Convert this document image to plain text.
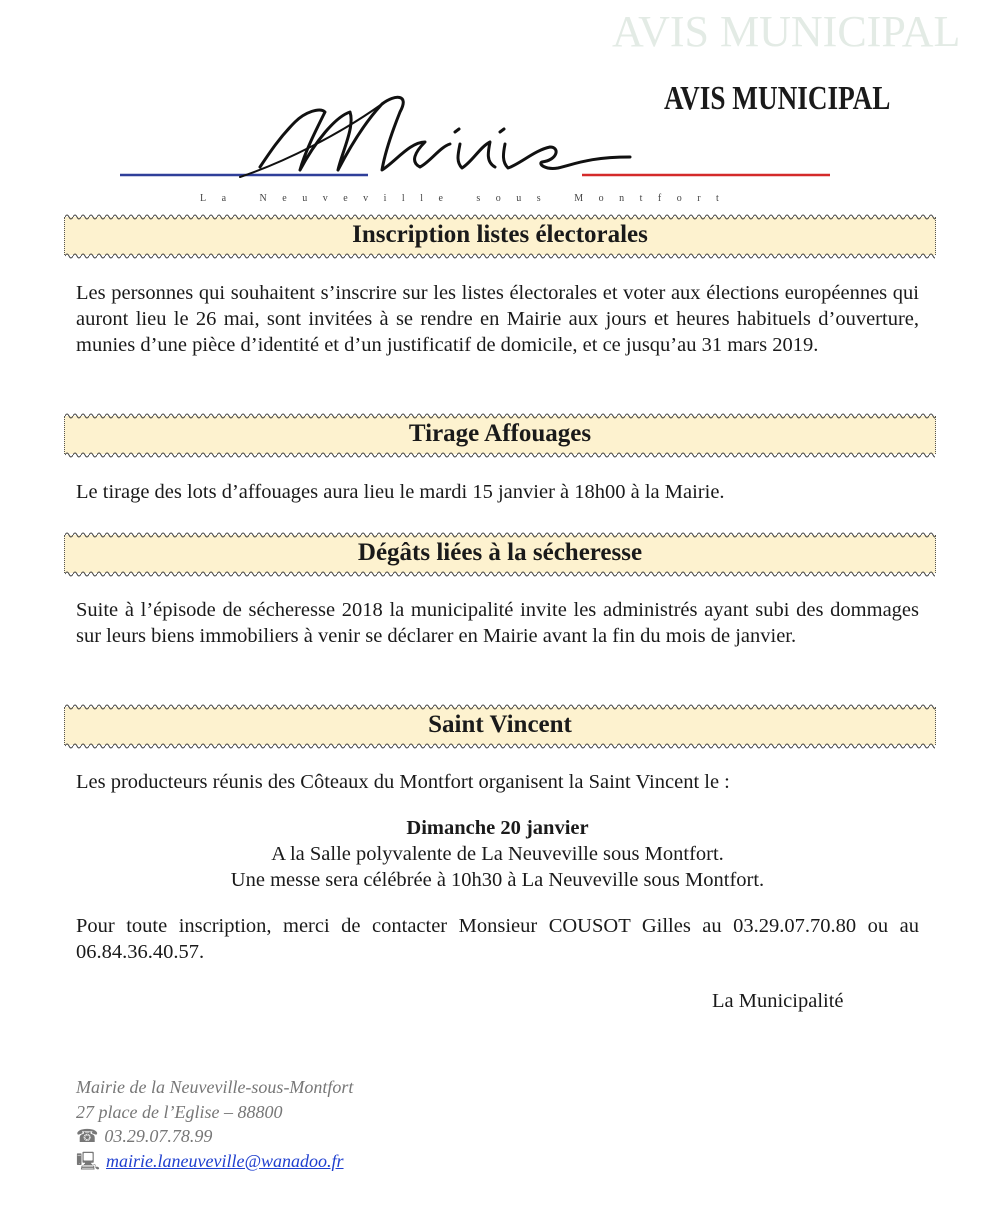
AVIS MUNICIPAL
AVIS MUNICIPAL
La Neuveville sous Montfort
Inscription listes électorales
Les personnes qui souhaitent s’inscrire sur les listes électorales et voter aux élections européennes qui auront lieu le 26 mai, sont invitées à se rendre en Mairie aux jours et heures habituels d’ouverture, munies d’une pièce d’identité et d’un justificatif de domicile, et ce jusqu’au 31 mars 2019.
Tirage Affouages
Le tirage des lots d’affouages aura lieu le mardi 15 janvier à 18h00 à la Mairie.
Dégâts liées à la sécheresse
Suite à l’épisode de sécheresse 2018 la municipalité invite les administrés ayant subi des dommages sur leurs biens immobiliers à venir se déclarer en Mairie avant la fin du mois de janvier.
Saint Vincent
Les producteurs réunis des Côteaux du Montfort organisent la Saint Vincent le :
Dimanche 20 janvier
A la Salle polyvalente de La Neuveville sous Montfort.
Une messe sera célébrée à 10h30 à La Neuveville sous Montfort.
Pour toute inscription, merci de contacter Monsieur COUSOT Gilles au 03.29.07.70.80 ou au 06.84.36.40.57.
La Municipalité
Mairie de la Neuveville-sous-Montfort
27 place de l’Eglise – 88800
☎ 03.29.07.78.99
🖳 mairie.laneuveville@wanadoo.fr
